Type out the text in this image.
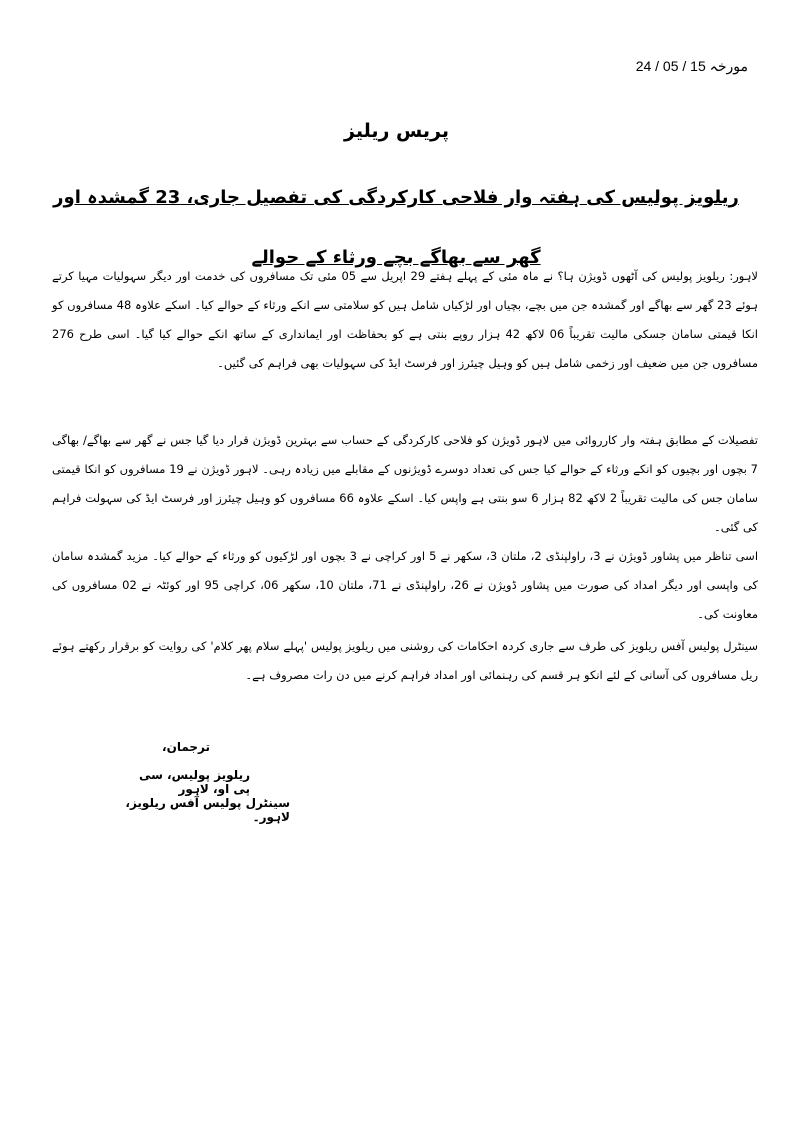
مورخہ 24 / 05 / 15
پریس ریلیز
ریلویز پولیس کی ہفتہ وار فلاحی کارکردگی کی تفصیل جاری، 23 گمشدہ اور گھر سے بھاگے بچے ورثاء کے حوالے
لاہور: ریلویز پولیس کی آٹھوں ڈویژن ہا؟ نے ماہ مئی کے پہلے ہفتے 29 اپریل سے 05 مئی تک مسافروں کی خدمت اور دیگر سہولیات مہیا کرتے ہوئے 23 گھر سے بھاگے اور گمشدہ جن میں بچے، بچیاں اور لڑکیاں شامل ہیں کو سلامتی سے انکے ورثاء کے حوالے کیا۔ اسکے علاوہ 48 مسافروں کو انکا قیمتی سامان جسکی مالیت تقریباً 06 لاکھ 42 ہزار روپے بنتی ہے کو بحفاظت اور ایمانداری کے ساتھ انکے حوالے کیا گیا۔ اسی طرح 276 مسافروں جن میں ضعیف اور زخمی شامل ہیں کو وہیل چیئرز اور فرسٹ ایڈ کی سہولیات بھی فراہم کی گئیں۔
تفصیلات کے مطابق ہفتہ وار کارروائی میں لاہور ڈویژن کو فلاحی کارکردگی کے حساب سے بہترین ڈویژن قرار دیا گیا جس نے گھر سے بھاگے/ بھاگی 7 بچوں اور بچیوں کو انکے ورثاء کے حوالے کیا جس کی تعداد دوسرے ڈویژنوں کے مقابلے میں زیادہ رہی۔ لاہور ڈویژن نے 19 مسافروں کو انکا قیمتی سامان جس کی مالیت تقریباً 2 لاکھ 82 ہزار 6 سو بنتی ہے واپس کیا۔ اسکے علاوہ 66 مسافروں کو وہیل چیئرز اور فرسٹ ایڈ کی سہولت فراہم کی گئی۔
اسی تناظر میں پشاور ڈویژن نے 3، راولپنڈی 2، ملتان 3، سکھر نے 5 اور کراچی نے 3 بچوں اور لڑکیوں کو ورثاء کے حوالے کیا۔ مزید گمشدہ سامان کی واپسی اور دیگر امداد کی صورت میں پشاور ڈویژن نے 26، راولپنڈی نے 71، ملتان 10، سکھر 06، کراچی 95 اور کوئٹہ نے 02 مسافروں کی معاونت کی۔
سینٹرل پولیس آفس ریلویز کی طرف سے جاری کردہ احکامات کی روشنی میں ریلویز پولیس 'پہلے سلام پھر کلام' کی روایت کو برقرار رکھتے ہوئے ریل مسافروں کی آسانی کے لئے انکو ہر قسم کی رہنمائی اور امداد فراہم کرنے میں دن رات مصروف ہے۔
ترجمان،
ریلویز پولیس، سی پی او، لاہور
سینٹرل پولیس آفس ریلویز، لاہور۔
